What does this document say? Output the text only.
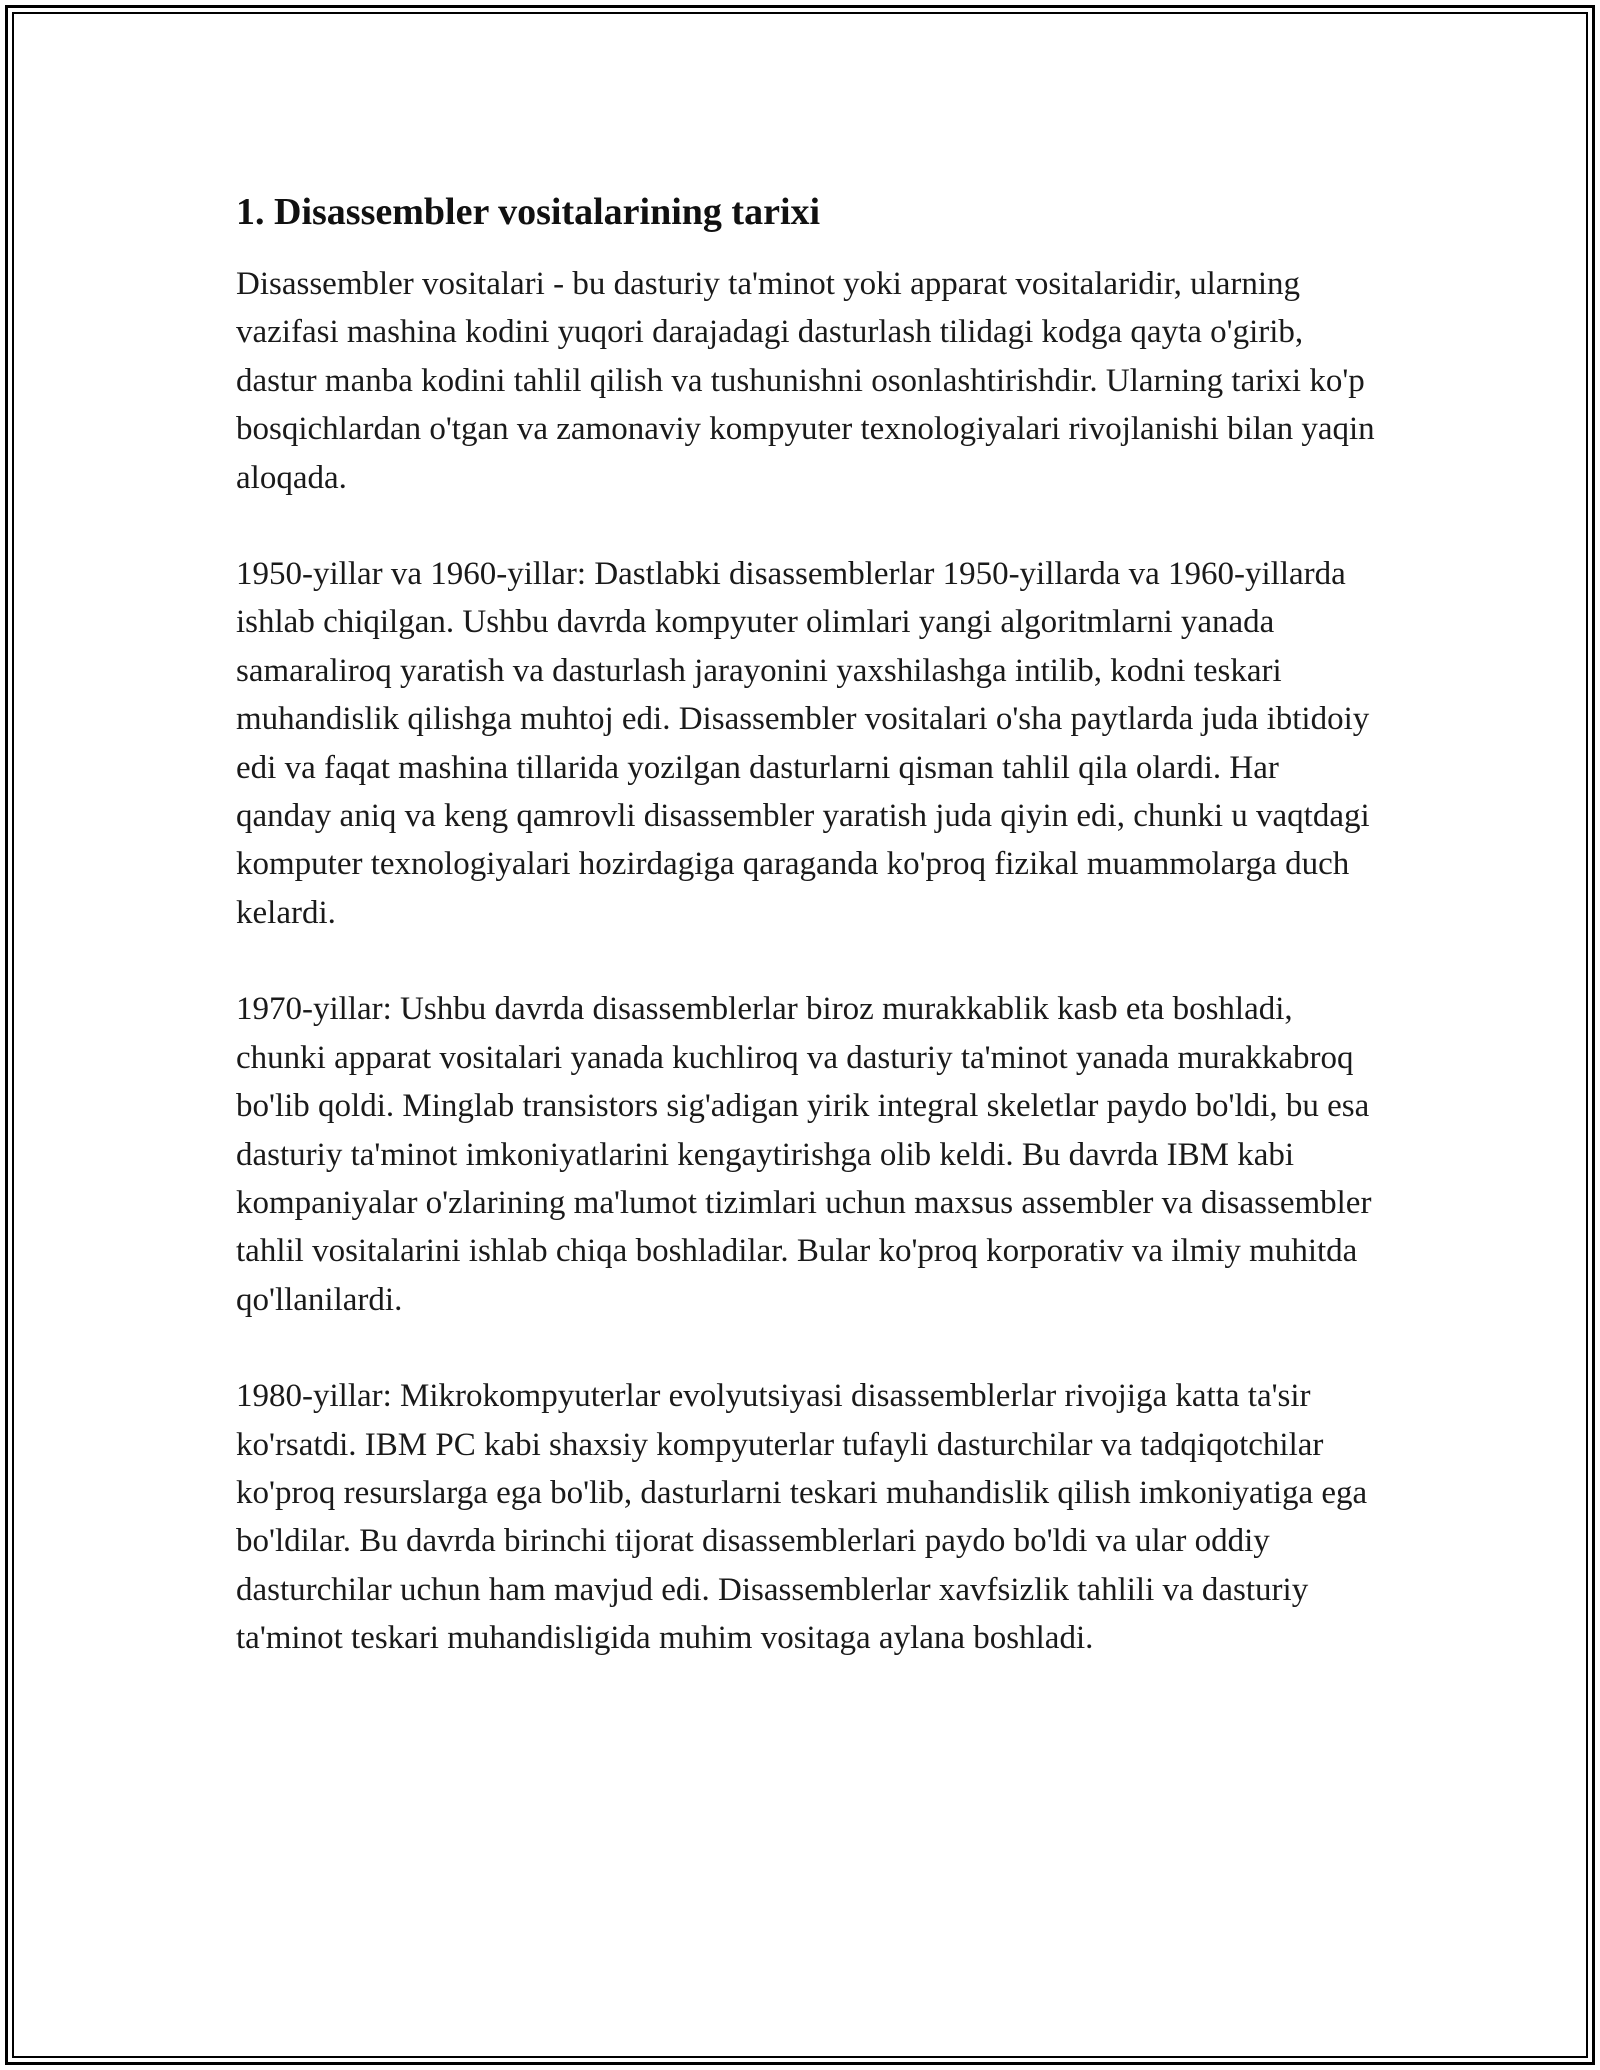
1. Disassembler vositalarining tarixi

Disassembler vositalari - bu dasturiy ta'minot yoki apparat vositalaridir, ularning vazifasi mashina kodini yuqori darajadagi dasturlash tilidagi kodga qayta o'girib, dastur manba kodini tahlil qilish va tushunishni osonlashtirishdir. Ularning tarixi ko'p bosqichlardan o'tgan va zamonaviy kompyuter texnologiyalari rivojlanishi bilan yaqin aloqada.

1950-yillar va 1960-yillar: Dastlabki disassemblerlar 1950-yillarda va 1960-yillarda ishlab chiqilgan. Ushbu davrda kompyuter olimlari yangi algoritmlarni yanada samaraliroq yaratish va dasturlash jarayonini yaxshilashga intilib, kodni teskari muhandislik qilishga muhtoj edi. Disassembler vositalari o'sha paytlarda juda ibtidoiy edi va faqat mashina tillarida yozilgan dasturlarni qisman tahlil qila olardi. Har qanday aniq va keng qamrovli disassembler yaratish juda qiyin edi, chunki u vaqtdagi komputer texnologiyalari hozirdagiga qaraganda ko'proq fizikal muammolarga duch kelardi.

1970-yillar: Ushbu davrda disassemblerlar biroz murakkablik kasb eta boshladi, chunki apparat vositalari yanada kuchliroq va dasturiy ta'minot yanada murakkabroq bo'lib qoldi. Minglab transistors sig'adigan yirik integral skeletlar paydo bo'ldi, bu esa dasturiy ta'minot imkoniyatlarini kengaytirishga olib keldi. Bu davrda IBM kabi kompaniyalar o'zlarining ma'lumot tizimlari uchun maxsus assembler va disassembler tahlil vositalarini ishlab chiqa boshladilar. Bular ko'proq korporativ va ilmiy muhitda qo'llanilardi.

1980-yillar: Mikrokompyuterlar evolyutsiyasi disassemblerlar rivojiga katta ta'sir ko'rsatdi. IBM PC kabi shaxsiy kompyuterlar tufayli dasturchilar va tadqiqotchilar ko'proq resurslarga ega bo'lib, dasturlarni teskari muhandislik qilish imkoniyatiga ega bo'ldilar. Bu davrda birinchi tijorat disassemblerlari paydo bo'ldi va ular oddiy dasturchilar uchun ham mavjud edi. Disassemblerlar xavfsizlik tahlili va dasturiy ta'minot teskari muhandisligida muhim vositaga aylana boshladi.
